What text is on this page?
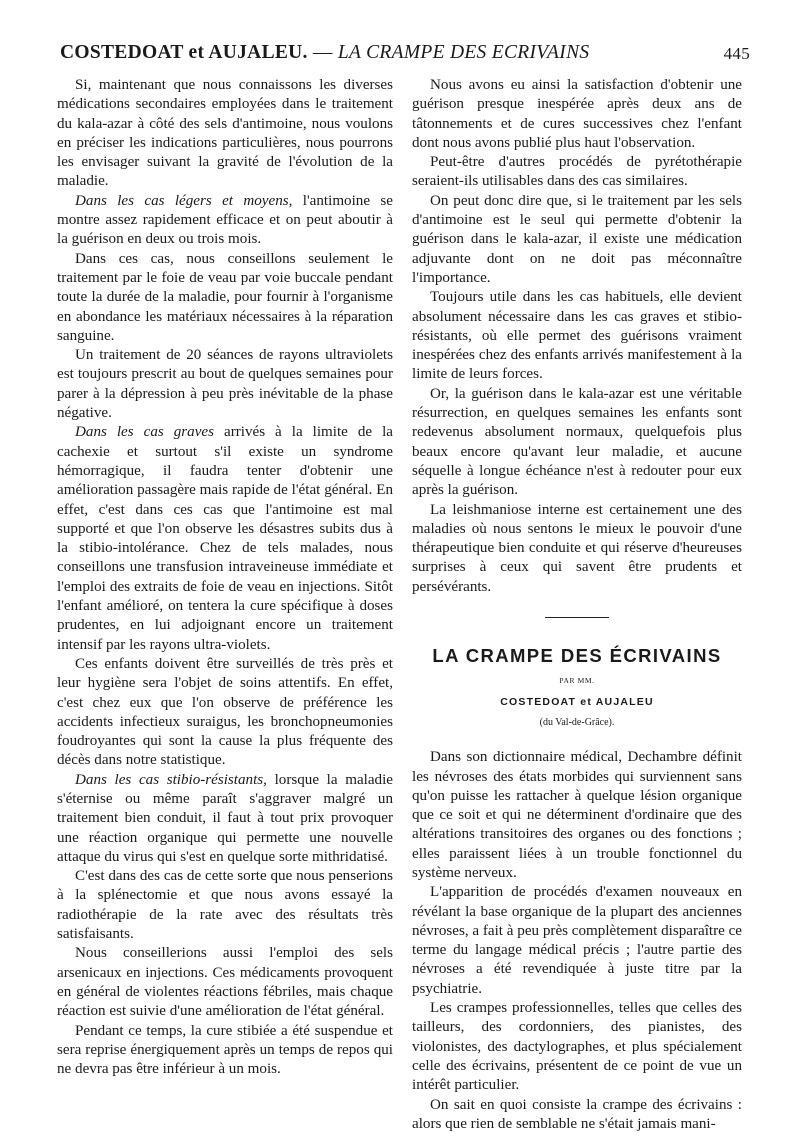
COSTEDOAT et AUJALEU. — LA CRAMPE DES ECRIVAINS	445

Si, maintenant que nous connaissons les diverses médications secondaires employées dans le traitement du kala-azar à côté des sels d'antimoine, nous voulons en préciser les indications particulières, nous pourrons les envisager suivant la gravité de l'évolution de la maladie.

Dans les cas légers et moyens, l'antimoine se montre assez rapidement efficace et on peut aboutir à la guérison en deux ou trois mois.

Dans ces cas, nous conseillons seulement le traitement par le foie de veau par voie buccale pendant toute la durée de la maladie, pour fournir à l'organisme en abondance les matériaux nécessaires à la réparation sanguine.

Un traitement de 20 séances de rayons ultraviolets est toujours prescrit au bout de quelques semaines pour parer à la dépression à peu près inévitable de la phase négative.

Dans les cas graves arrivés à la limite de la cachexie et surtout s'il existe un syndrome hémorragique, il faudra tenter d'obtenir une amélioration passagère mais rapide de l'état général. En effet, c'est dans ces cas que l'antimoine est mal supporté et que l'on observe les désastres subits dus à la stibio-intolérance. Chez de tels malades, nous conseillons une transfusion intraveineuse immédiate et l'emploi des extraits de foie de veau en injections. Sitôt l'enfant amélioré, on tentera la cure spécifique à doses prudentes, en lui adjoignant encore un traitement intensif par les rayons ultra-violets.

Ces enfants doivent être surveillés de très près et leur hygiène sera l'objet de soins attentifs. En effet, c'est chez eux que l'on observe de préférence les accidents infectieux suraigus, les bronchopneumonies foudroyantes qui sont la cause la plus fréquente des décès dans notre statistique.

Dans les cas stibio-résistants, lorsque la maladie s'éternise ou même paraît s'aggraver malgré un traitement bien conduit, il faut à tout prix provoquer une réaction organique qui permette une nouvelle attaque du virus qui s'est en quelque sorte mithridatisé.

C'est dans des cas de cette sorte que nous penserions à la splénectomie et que nous avons essayé la radiothérapie de la rate avec des résultats très satisfaisants.

Nous conseillerions aussi l'emploi des sels arsenicaux en injections. Ces médicaments provoquent en général de violentes réactions fébriles, mais chaque réaction est suivie d'une amélioration de l'état général.

Pendant ce temps, la cure stibiée a été suspendue et sera reprise énergiquement après un temps de repos qui ne devra pas être inférieur à un mois.

Nous avons eu ainsi la satisfaction d'obtenir une guérison presque inespérée après deux ans de tâtonnements et de cures successives chez l'enfant dont nous avons publié plus haut l'observation.

Peut-être d'autres procédés de pyrétothérapie seraient-ils utilisables dans des cas similaires.

On peut donc dire que, si le traitement par les sels d'antimoine est le seul qui permette d'obtenir la guérison dans le kala-azar, il existe une médication adjuvante dont on ne doit pas méconnaître l'importance.

Toujours utile dans les cas habituels, elle devient absolument nécessaire dans les cas graves et stibio-résistants, où elle permet des guérisons vraiment inespérées chez des enfants arrivés manifestement à la limite de leurs forces.

Or, la guérison dans le kala-azar est une véritable résurrection, en quelques semaines les enfants sont redevenus absolument normaux, quelquefois plus beaux encore qu'avant leur maladie, et aucune séquelle à longue échéance n'est à redouter pour eux après la guérison.

La leishmaniose interne est certainement une des maladies où nous sentons le mieux le pouvoir d'une thérapeutique bien conduite et qui réserve d'heureuses surprises à ceux qui savent être prudents et persévérants.

LA CRAMPE DES ÉCRIVAINS
PAR MM.
COSTEDOAT et AUJALEU
(du Val-de-Grâce).

Dans son dictionnaire médical, Dechambre définit les névroses des états morbides qui surviennent sans qu'on puisse les rattacher à quelque lésion organique que ce soit et qui ne déterminent d'ordinaire que des altérations transitoires des organes ou des fonctions ; elles paraissent liées à un trouble fonctionnel du système nerveux.

L'apparition de procédés d'examen nouveaux en révélant la base organique de la plupart des anciennes névroses, a fait à peu près complètement disparaître ce terme du langage médical précis ; l'autre partie des névroses a été revendiquée à juste titre par la psychiatrie.

Les crampes professionnelles, telles que celles des tailleurs, des cordonniers, des pianistes, des violonistes, des dactylographes, et plus spécialement celle des écrivains, présentent de ce point de vue un intérêt particulier.

On sait en quoi consiste la crampe des écrivains : alors que rien de semblable ne s'était jamais mani-
